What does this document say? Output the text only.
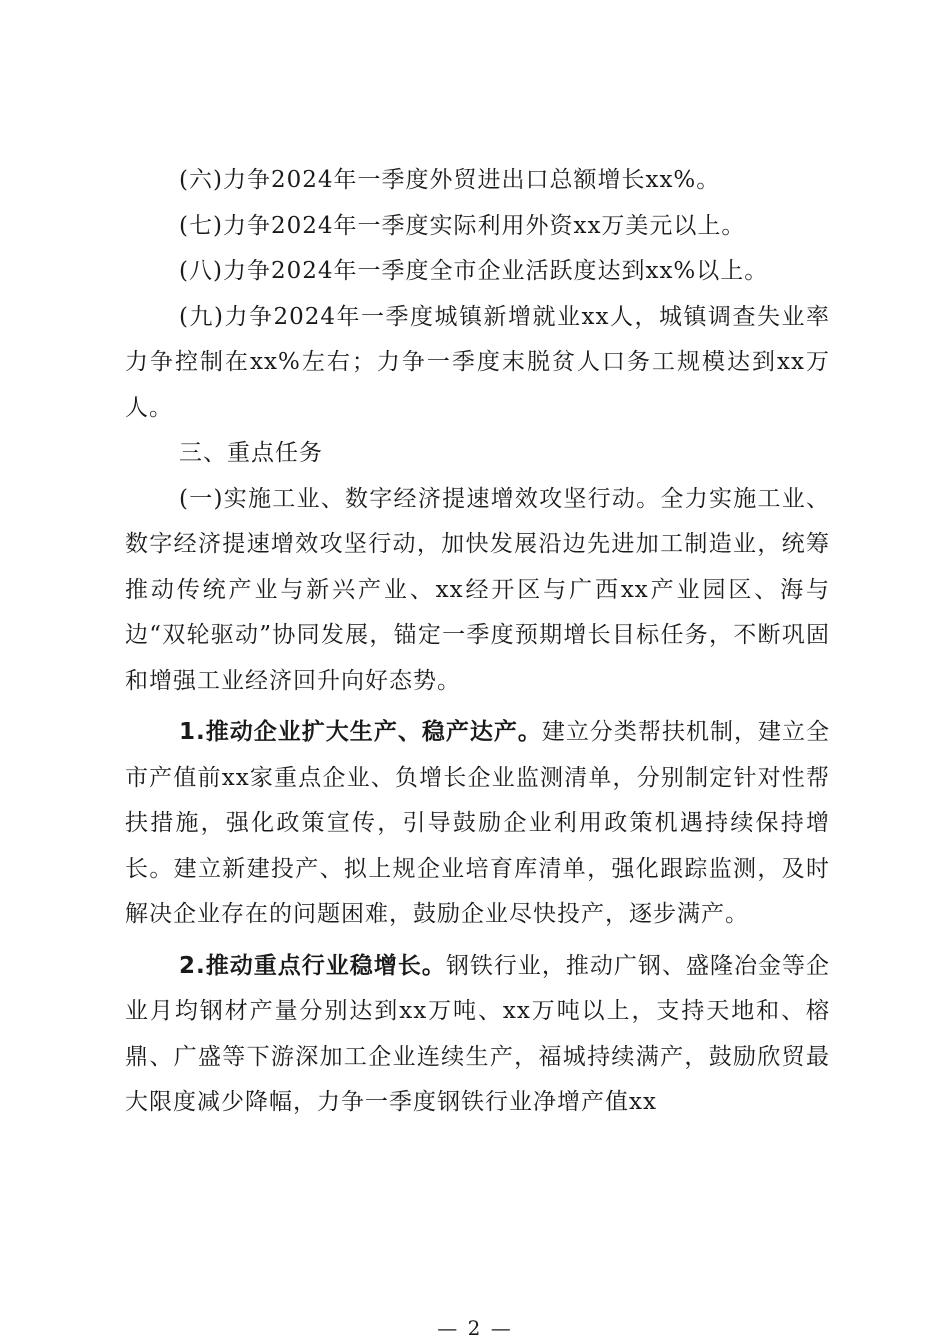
(六)力争2024年一季度外贸进出口总额增长xx%。

(七)力争2024年一季度实际利用外资xx万美元以上。

(八)力争2024年一季度全市企业活跃度达到xx%以上。

(九)力争2024年一季度城镇新增就业xx人，城镇调查失业率力争控制在xx%左右；力争一季度末脱贫人口务工规模达到xx万人。

三、重点任务

(一)实施工业、数字经济提速增效攻坚行动。全力实施工业、数字经济提速增效攻坚行动，加快发展沿边先进加工制造业，统筹推动传统产业与新兴产业、xx经开区与广西xx产业园区、海与边“双轮驱动”协同发展，锚定一季度预期增长目标任务，不断巩固和增强工业经济回升向好态势。

1.推动企业扩大生产、稳产达产。建立分类帮扶机制，建立全市产值前xx家重点企业、负增长企业监测清单，分别制定针对性帮扶措施，强化政策宣传，引导鼓励企业利用政策机遇持续保持增长。建立新建投产、拟上规企业培育库清单，强化跟踪监测，及时解决企业存在的问题困难，鼓励企业尽快投产，逐步满产。

2.推动重点行业稳增长。钢铁行业，推动广钢、盛隆冶金等企业月均钢材产量分别达到xx万吨、xx万吨以上，支持天地和、榕鼎、广盛等下游深加工企业连续生产，福城持续满产，鼓励欣贸最大限度减少降幅，力争一季度钢铁行业净增产值xx

— 2 —
